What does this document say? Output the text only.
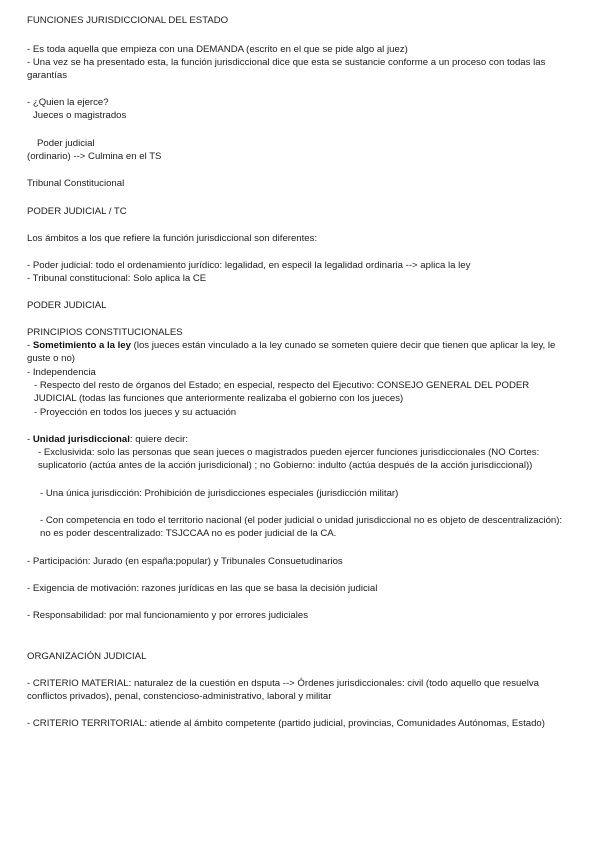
FUNCIONES JURISDICCIONAL DEL ESTADO
- Es toda aquella que empieza con una DEMANDA (escrito en el que se pide algo al juez)
- Una vez se ha presentado esta, la función jurisdiccional dice que esta se sustancie conforme a un proceso con todas las garantías
- ¿Quien la ejerce?
Jueces o magistrados
Poder judicial
(ordinario) --> Culmina en el TS
Tribunal Constitucional
PODER JUDICIAL / TC
Los ámbitos a los que refiere la función jurisdiccional son diferentes:
- Poder judicial: todo el ordenamiento jurídico: legalidad, en especil la legalidad ordinaria --> aplica la ley
- Tribunal constitucional: Solo aplica la CE
PODER JUDICIAL
PRINCIPIOS CONSTITUCIONALES
- Sometimiento a la ley (los jueces están vinculado a la ley cunado se someten quiere decir que tienen que aplicar la ley, le guste o no)
- Independencia
- Respecto del resto de órganos del Estado; en especial, respecto del Ejecutivo: CONSEJO GENERAL DEL PODER JUDICIAL (todas las funciones que anteriormente realizaba el gobierno con los jueces)
- Proyección en todos los jueces y su actuación
- Unidad jurisdiccional: quiere decir:
- Exclusivida: solo las personas que sean jueces o magistrados pueden ejercer funciones jurisdiccionales (NO Cortes: suplicatorio (actúa antes de la acción jurisdicional) ; no Gobierno: indulto (actúa después de la acción jurisdiccional))
- Una única jurisdicción: Prohibición de jurisdicciones especiales (jurisdicción militar)
- Con competencia en todo el territorio nacional (el poder judicial o unidad jurisdiccional no es objeto de descentralización): no es poder descentralizado: TSJCCAA no es poder judicial de la CA.
- Participación: Jurado (en españa:popular) y Tribunales Consuetudinarios
- Exigencia de motivación: razones jurídicas en las que se basa la decisión judicial
- Responsabilidad: por mal funcionamiento y por errores judiciales
ORGANIZACIÓN JUDICIAL
- CRITERIO MATERIAL: naturalez de la cuestión en dsputa --> Órdenes jurisdiccionales: civil (todo aquello que resuelva conflictos privados), penal, constencioso-administrativo, laboral y militar
- CRITERIO TERRITORIAL: atiende al ámbito competente (partido judicial, provincias, Comunidades Autónomas, Estado)
